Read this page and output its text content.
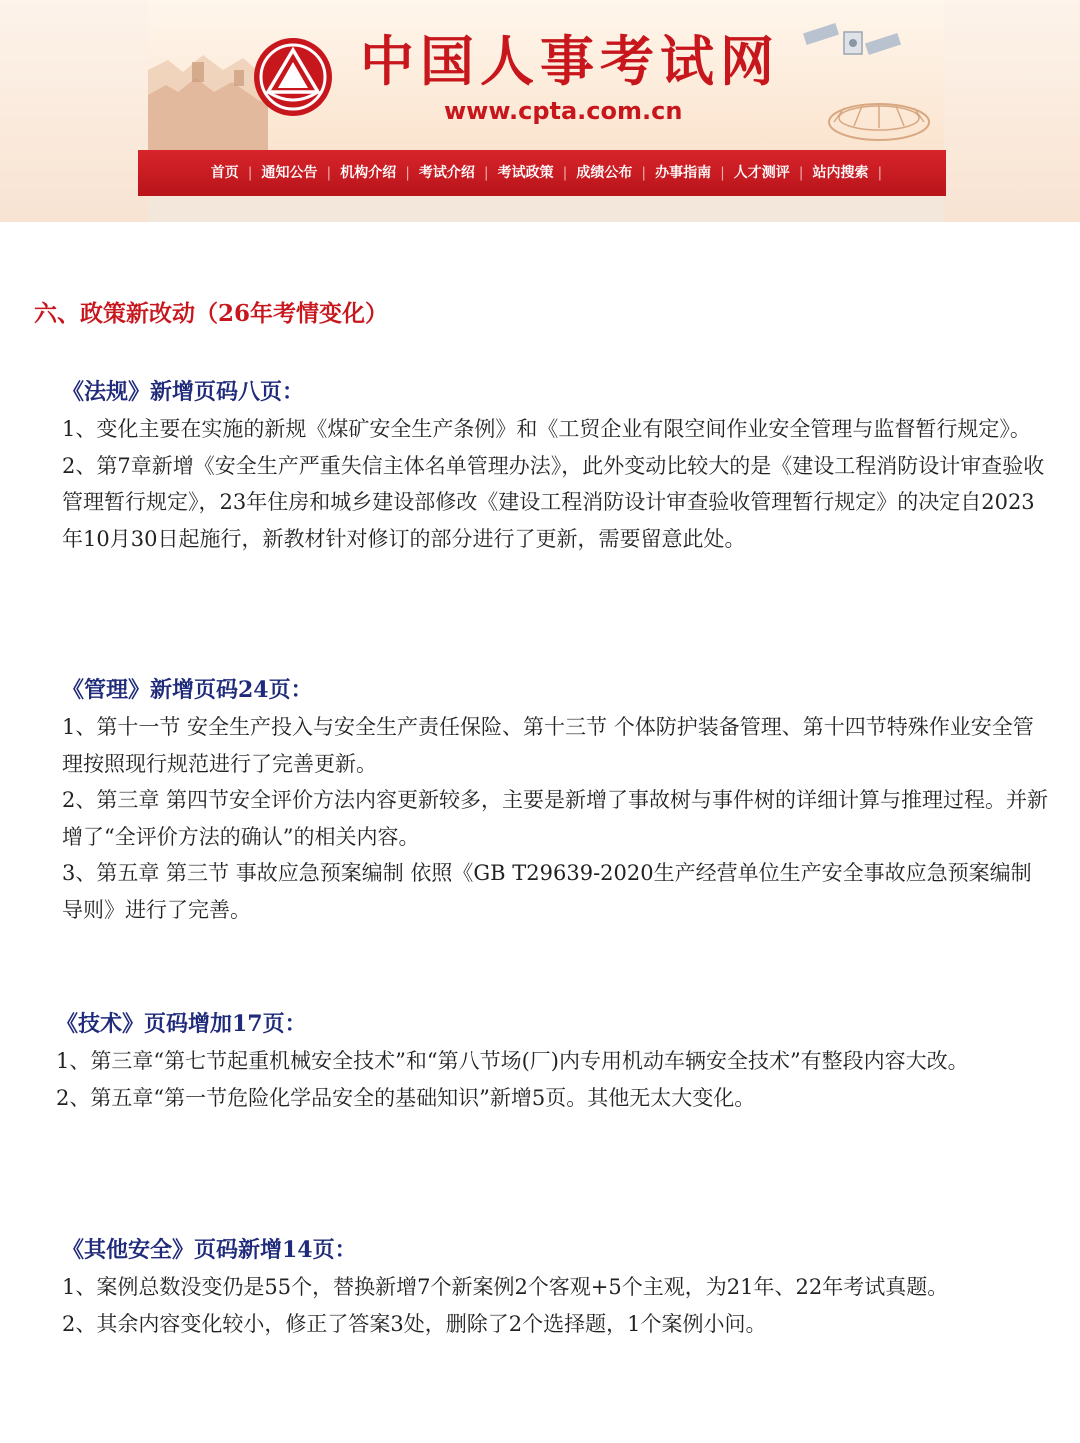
中国人事考试网
www.cpta.com.cn
首页 | 通知公告 | 机构介绍 | 考试介绍 | 考试政策 | 成绩公布 | 办事指南 | 人才测评 | 站内搜索 |
六、政策新改动（26年考情变化）
《法规》新增页码八页：

1、变化主要在实施的新规《煤矿安全生产条例》和《工贸企业有限空间作业安全管理与监督暂行规定》。

2、第7章新增《安全生产严重失信主体名单管理办法》，此外变动比较大的是《建设工程消防设计审查验收管理暂行规定》，23年住房和城乡建设部修改《建设工程消防设计审查验收管理暂行规定》的决定自2023年10月30日起施行，新教材针对修订的部分进行了更新，需要留意此处。

《管理》新增页码24页：

1、第十一节 安全生产投入与安全生产责任保险、第十三节 个体防护装备管理、第十四节特殊作业安全管理按照现行规范进行了完善更新。

2、第三章 第四节安全评价方法内容更新较多，主要是新增了事故树与事件树的详细计算与推理过程。并新增了“全评价方法的确认”的相关内容。

3、第五章 第三节 事故应急预案编制 依照《GB T29639-2020生产经营单位生产安全事故应急预案编制导则》进行了完善。

《技术》页码增加17页：

1、第三章“第七节起重机械安全技术”和“第八节场(厂)内专用机动车辆安全技术”有整段内容大改。

2、第五章“第一节危险化学品安全的基础知识”新增5页。其他无太大变化。

《其他安全》页码新增14页：

1、案例总数没变仍是55个，替换新增7个新案例2个客观+5个主观，为21年、22年考试真题。

2、其余内容变化较小，修正了答案3处，删除了2个选择题，1个案例小问。
